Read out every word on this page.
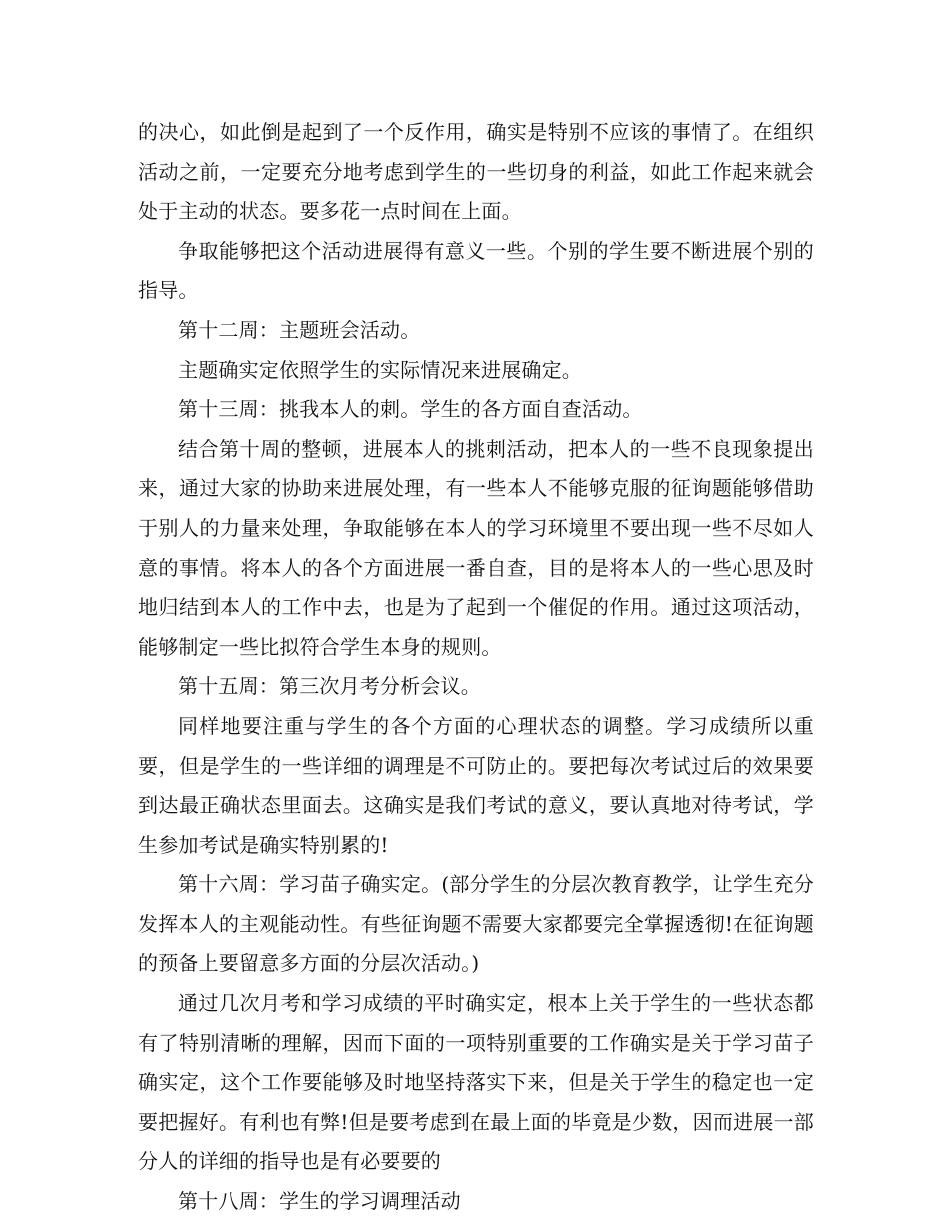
的决心，如此倒是起到了一个反作用，确实是特别不应该的事情了。在组织活动之前，一定要充分地考虑到学生的一些切身的利益，如此工作起来就会处于主动的状态。要多花一点时间在上面。

争取能够把这个活动进展得有意义一些。个别的学生要不断进展个别的指导。

第十二周：主题班会活动。

主题确实定依照学生的实际情况来进展确定。

第十三周：挑我本人的刺。学生的各方面自查活动。

结合第十周的整顿，进展本人的挑刺活动，把本人的一些不良现象提出来，通过大家的协助来进展处理，有一些本人不能够克服的征询题能够借助于别人的力量来处理，争取能够在本人的学习环境里不要出现一些不尽如人意的事情。将本人的各个方面进展一番自查，目的是将本人的一些心思及时地归结到本人的工作中去，也是为了起到一个催促的作用。通过这项活动，能够制定一些比拟符合学生本身的规则。

第十五周：第三次月考分析会议。

同样地要注重与学生的各个方面的心理状态的调整。学习成绩所以重要，但是学生的一些详细的调理是不可防止的。要把每次考试过后的效果要到达最正确状态里面去。这确实是我们考试的意义，要认真地对待考试，学生参加考试是确实特别累的!

第十六周：学习苗子确实定。(部分学生的分层次教育教学，让学生充分发挥本人的主观能动性。有些征询题不需要大家都要完全掌握透彻!在征询题的预备上要留意多方面的分层次活动。)

通过几次月考和学习成绩的平时确实定，根本上关于学生的一些状态都有了特别清晰的理解，因而下面的一项特别重要的工作确实是关于学习苗子确实定，这个工作要能够及时地坚持落实下来，但是关于学生的稳定也一定要把握好。有利也有弊!但是要考虑到在最上面的毕竟是少数，因而进展一部分人的详细的指导也是有必要要的

第十八周：学生的学习调理活动
